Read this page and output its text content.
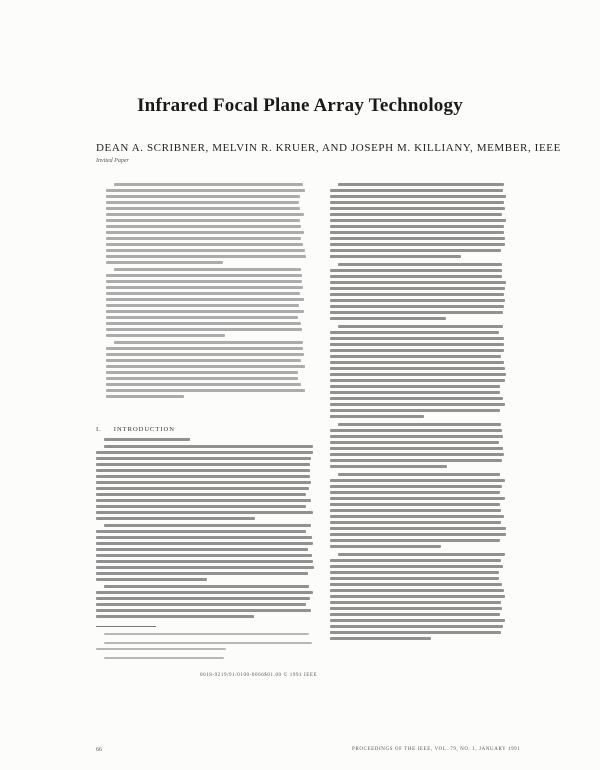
Infrared Focal Plane Array Technology
DEAN A. SCRIBNER, MELVIN R. KRUER, AND JOSEPH M. KILLIANY, MEMBER, IEEE
Invited Paper
I. INTRODUCTION
0018-9219/91/0100-0066$01.00 © 1991 IEEE
66	PROCEEDINGS OF THE IEEE, VOL. 79, NO. 1, JANUARY 1991
